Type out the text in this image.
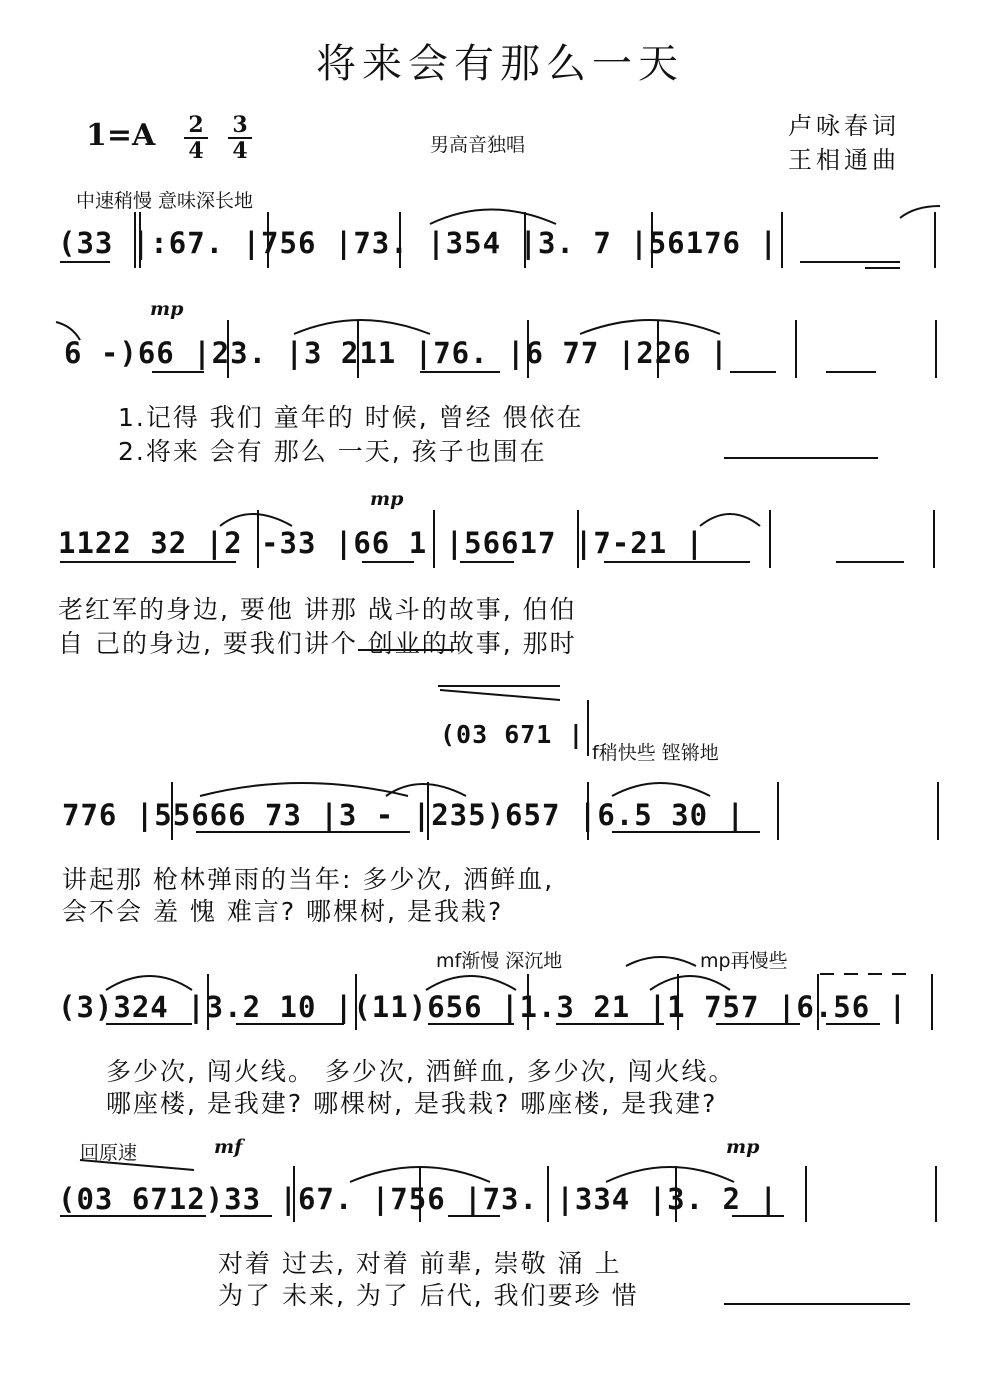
将来会有那么一天
1=A 2
4
3
4	男高音独唱
卢咏春词
王相通曲
中速稍慢 意味深长地
(33 |:67. |756 |73. |354 |3. 7 |56176 |
mp
6 -)66 |23. |3 211 |76. |6 77 |226 |
1.记得 我们 童年的 时候, 曾经 偎依在
2.将来 会有 那么 一天, 孩子也围在
mp
1122 32 |2 -33 |66 1 |56617 |7-21 |
老红军的身边, 要他 讲那 战斗的故事, 伯伯
自 己的身边, 要我们讲个 创业的故事, 那时
(03 671 |
f稍快些 铿锵地
776 |55666 73 |3 - |235)657 |6.5 30 |
讲起那 枪林弹雨的当年: 多少次, 洒鲜血,
会不会 羞 愧 难言? 哪棵树, 是我栽?
mf渐慢 深沉地	mp再慢些
(3)324 |3.2 10 |(11)656 |1.3 21 |1 757 |6.56 |
多少次, 闯火线。 多少次, 洒鲜血, 多少次, 闯火线。
哪座楼, 是我建? 哪棵树, 是我栽? 哪座楼, 是我建?
回原速	mf	mp
(03 6712)33 |67. |756 |73. |334 |3. 2 |
对着 过去, 对着 前辈, 崇敬 涌 上
为了 未来, 为了 后代, 我们要珍 惜
